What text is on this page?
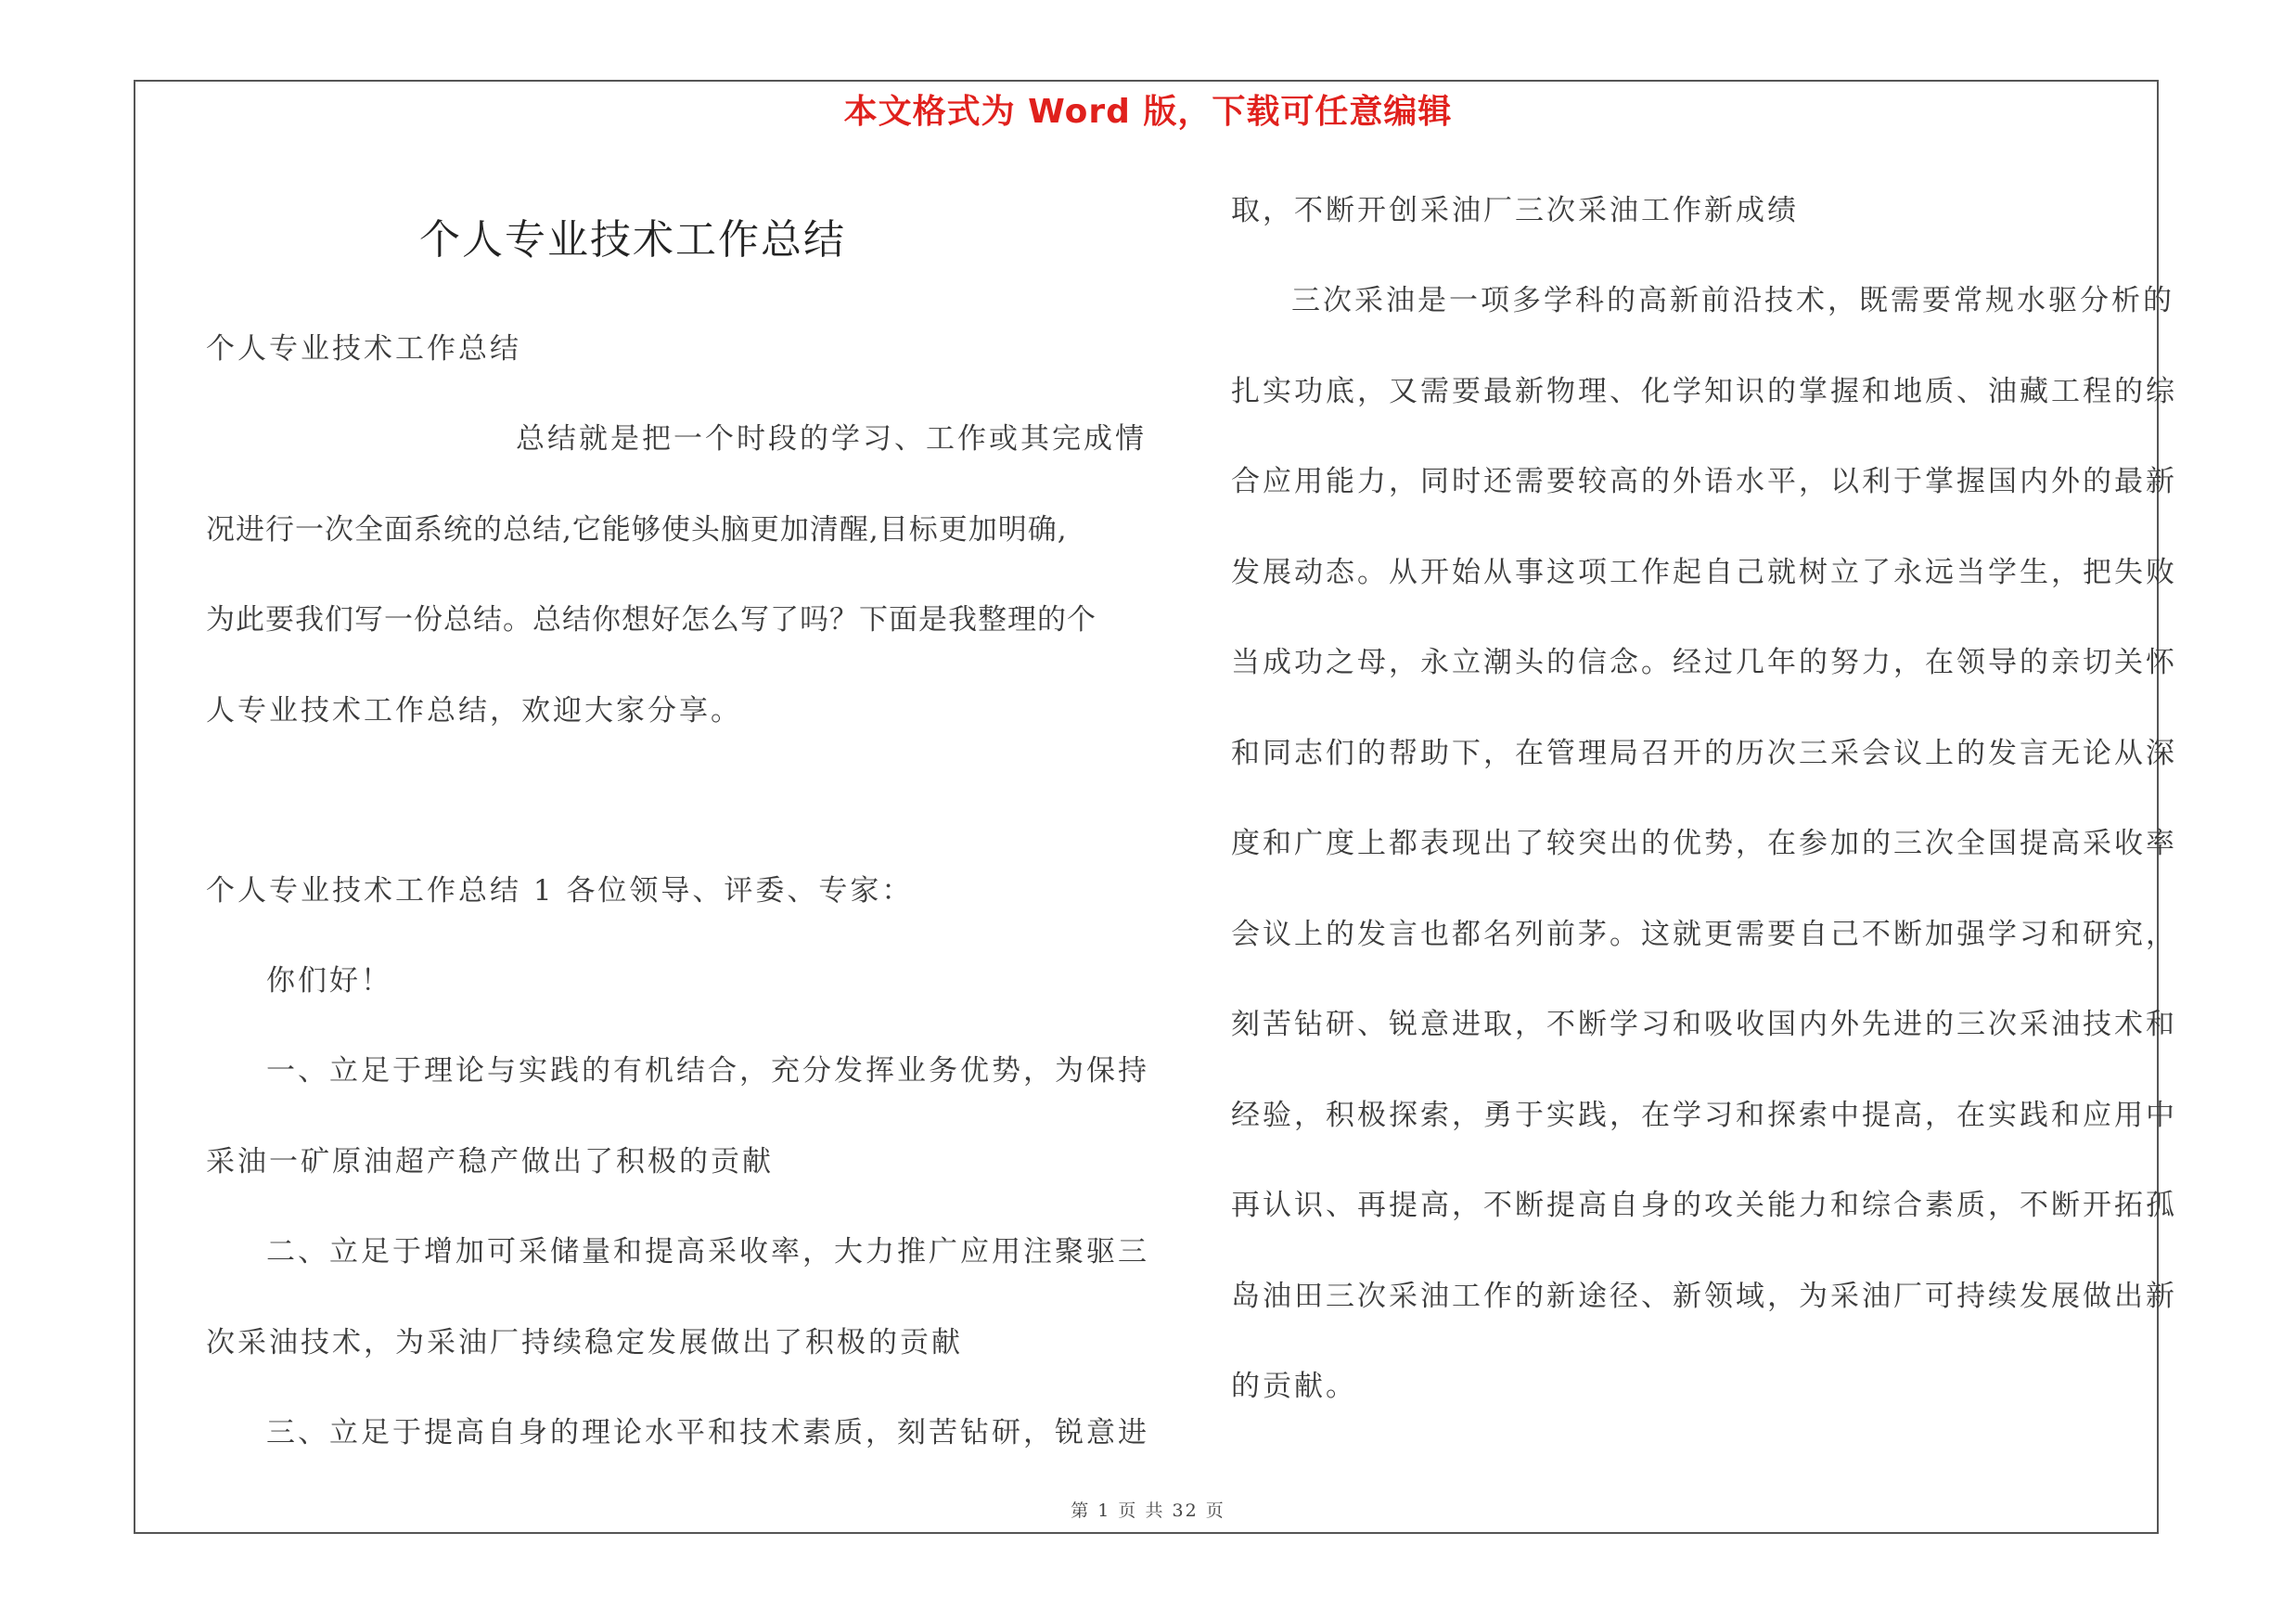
本文格式为 Word 版，下载可任意编辑
个人专业技术工作总结
个人专业技术工作总结
总结就是把一个时段的学习、工作或其完成情
况进行一次全面系统的总结,它能够使头脑更加清醒,目标更加明确,
为此要我们写一份总结。总结你想好怎么写了吗？下面是我整理的个
人专业技术工作总结，欢迎大家分享。
个人专业技术工作总结 1 各位领导、评委、专家：
你们好！
一、立足于理论与实践的有机结合，充分发挥业务优势，为保持
采油一矿原油超产稳产做出了积极的贡献
二、立足于增加可采储量和提高采收率，大力推广应用注聚驱三
次采油技术，为采油厂持续稳定发展做出了积极的贡献
三、立足于提高自身的理论水平和技术素质，刻苦钻研，锐意进
取，不断开创采油厂三次采油工作新成绩
三次采油是一项多学科的高新前沿技术，既需要常规水驱分析的
扎实功底，又需要最新物理、化学知识的掌握和地质、油藏工程的综
合应用能力，同时还需要较高的外语水平，以利于掌握国内外的最新
发展动态。从开始从事这项工作起自己就树立了永远当学生，把失败
当成功之母，永立潮头的信念。经过几年的努力，在领导的亲切关怀
和同志们的帮助下，在管理局召开的历次三采会议上的发言无论从深
度和广度上都表现出了较突出的优势，在参加的三次全国提高采收率
会议上的发言也都名列前茅。这就更需要自己不断加强学习和研究，
刻苦钻研、锐意进取，不断学习和吸收国内外先进的三次采油技术和
经验，积极探索，勇于实践，在学习和探索中提高，在实践和应用中
再认识、再提高，不断提高自身的攻关能力和综合素质，不断开拓孤
岛油田三次采油工作的新途径、新领域，为采油厂可持续发展做出新
的贡献。
第 1 页 共 32 页
